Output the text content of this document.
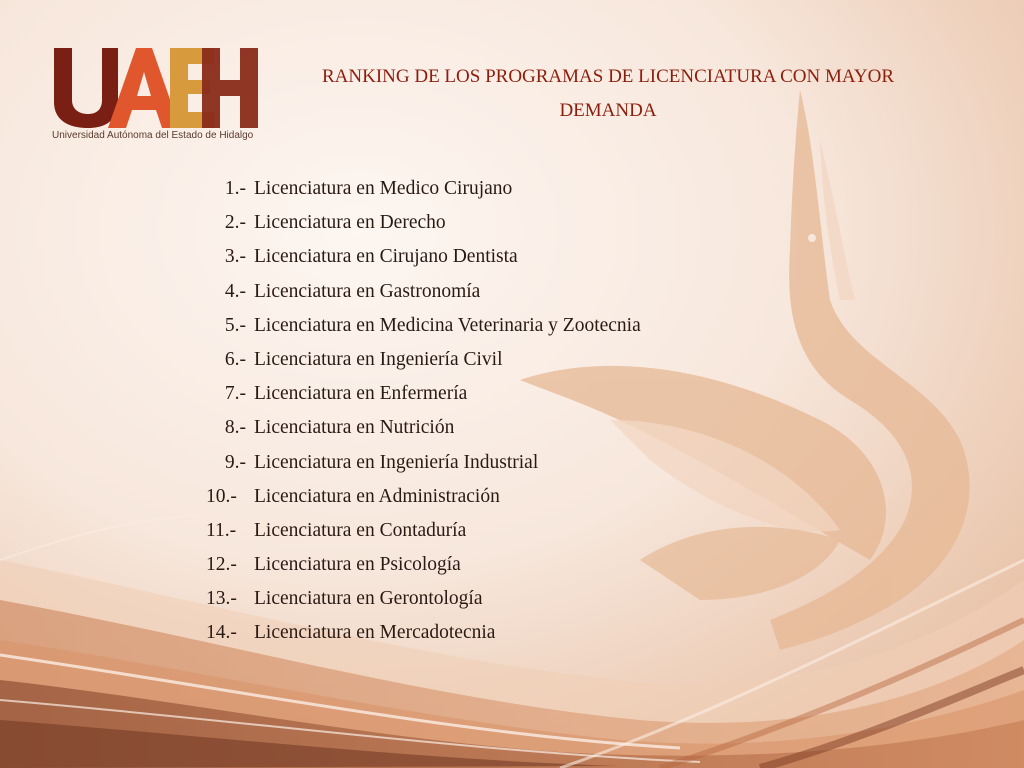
Universidad Autónoma del Estado de Hidalgo
RANKING DE LOS PROGRAMAS DE LICENCIATURA CON MAYOR
DEMANDA
1.- Licenciatura en Medico Cirujano
2.- Licenciatura en Derecho
3.- Licenciatura en Cirujano Dentista
4.- Licenciatura en Gastronomía
5.- Licenciatura en Medicina Veterinaria y Zootecnia
6.- Licenciatura en Ingeniería Civil
7.- Licenciatura en Enfermería
8.- Licenciatura en Nutrición
9.- Licenciatura en Ingeniería Industrial
10.- Licenciatura en Administración
11.- Licenciatura en Contaduría
12.- Licenciatura en Psicología
13.- Licenciatura en Gerontología
14.- Licenciatura en Mercadotecnia
